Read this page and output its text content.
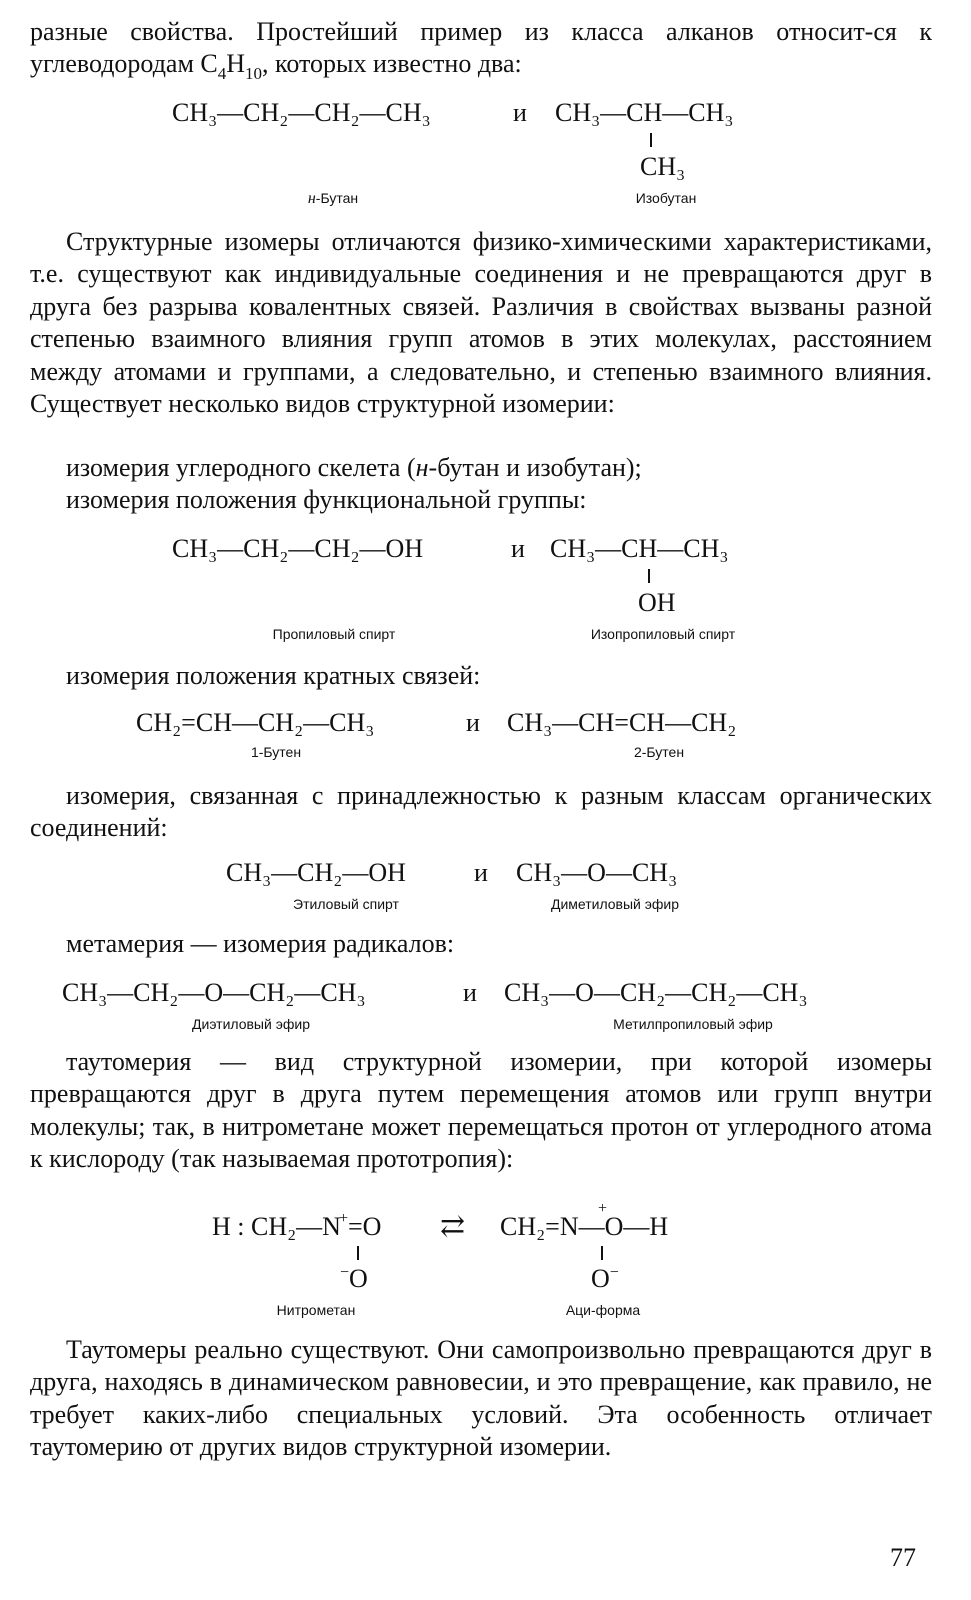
разные свойства. Простейший пример из класса алканов относит-ся к углеводородам $C_4H_{10}$, которых известно два:
CH₃—CH₂—CH₂—CH₃	и CH₃—CH—CH₃
CH₃
н-Бутан	Изобутан
Структурные изомеры отличаются физико-химическими характеристиками, т.е. существуют как индивидуальные соединения и не превращаются друг в друга без разрыва ковалентных связей. Различия в свойствах вызваны разной степенью взаимного влияния групп атомов в этих молекулах, расстоянием между атомами и группами, а следовательно, и степенью взаимного влияния. Существует несколько видов структурной изомерии:
изомерия углеродного скелета (н-бутан и изобутан);
изомерия положения функциональной группы:
CH₃—CH₂—CH₂—OH	и CH₃—CH—CH₃
OH
Пропиловый спирт	Изопропиловый спирт
изомерия положения кратных связей:
CH₂=CH—CH₂—CH₃	и CH₃—CH=CH—CH₂
1-Бутен	2-Бутен
изомерия, связанная с принадлежностью к разным классам органических соединений:
CH₃—CH₂—OH	и CH₃—O—CH₃
Этиловый спирт	Диметиловый эфир
метамерия — изомерия радикалов:
CH₃—CH₂—O—CH₂—CH₃	и CH₃—O—CH₂—CH₂—CH₃
Диэтиловый эфир	Метилпропиловый эфир
таутомерия — вид структурной изомерии, при которой изомеры превращаются друг в друга путем перемещения атомов или групп внутри молекулы; так, в нитрометане может перемещаться протон от углеродного атома к кислороду (так называемая прототропия):
H : CH₂—N+=O ⇄ CH₂=N
+
—O—H
−O	O−
Нитрометан	Аци-форма
Таутомеры реально существуют. Они самопроизвольно превращаются друг в друга, находясь в динамическом равновесии, и это превращение, как правило, не требует каких-либо специальных условий. Эта особенность отличает таутомерию от других видов структурной изомерии.
77
